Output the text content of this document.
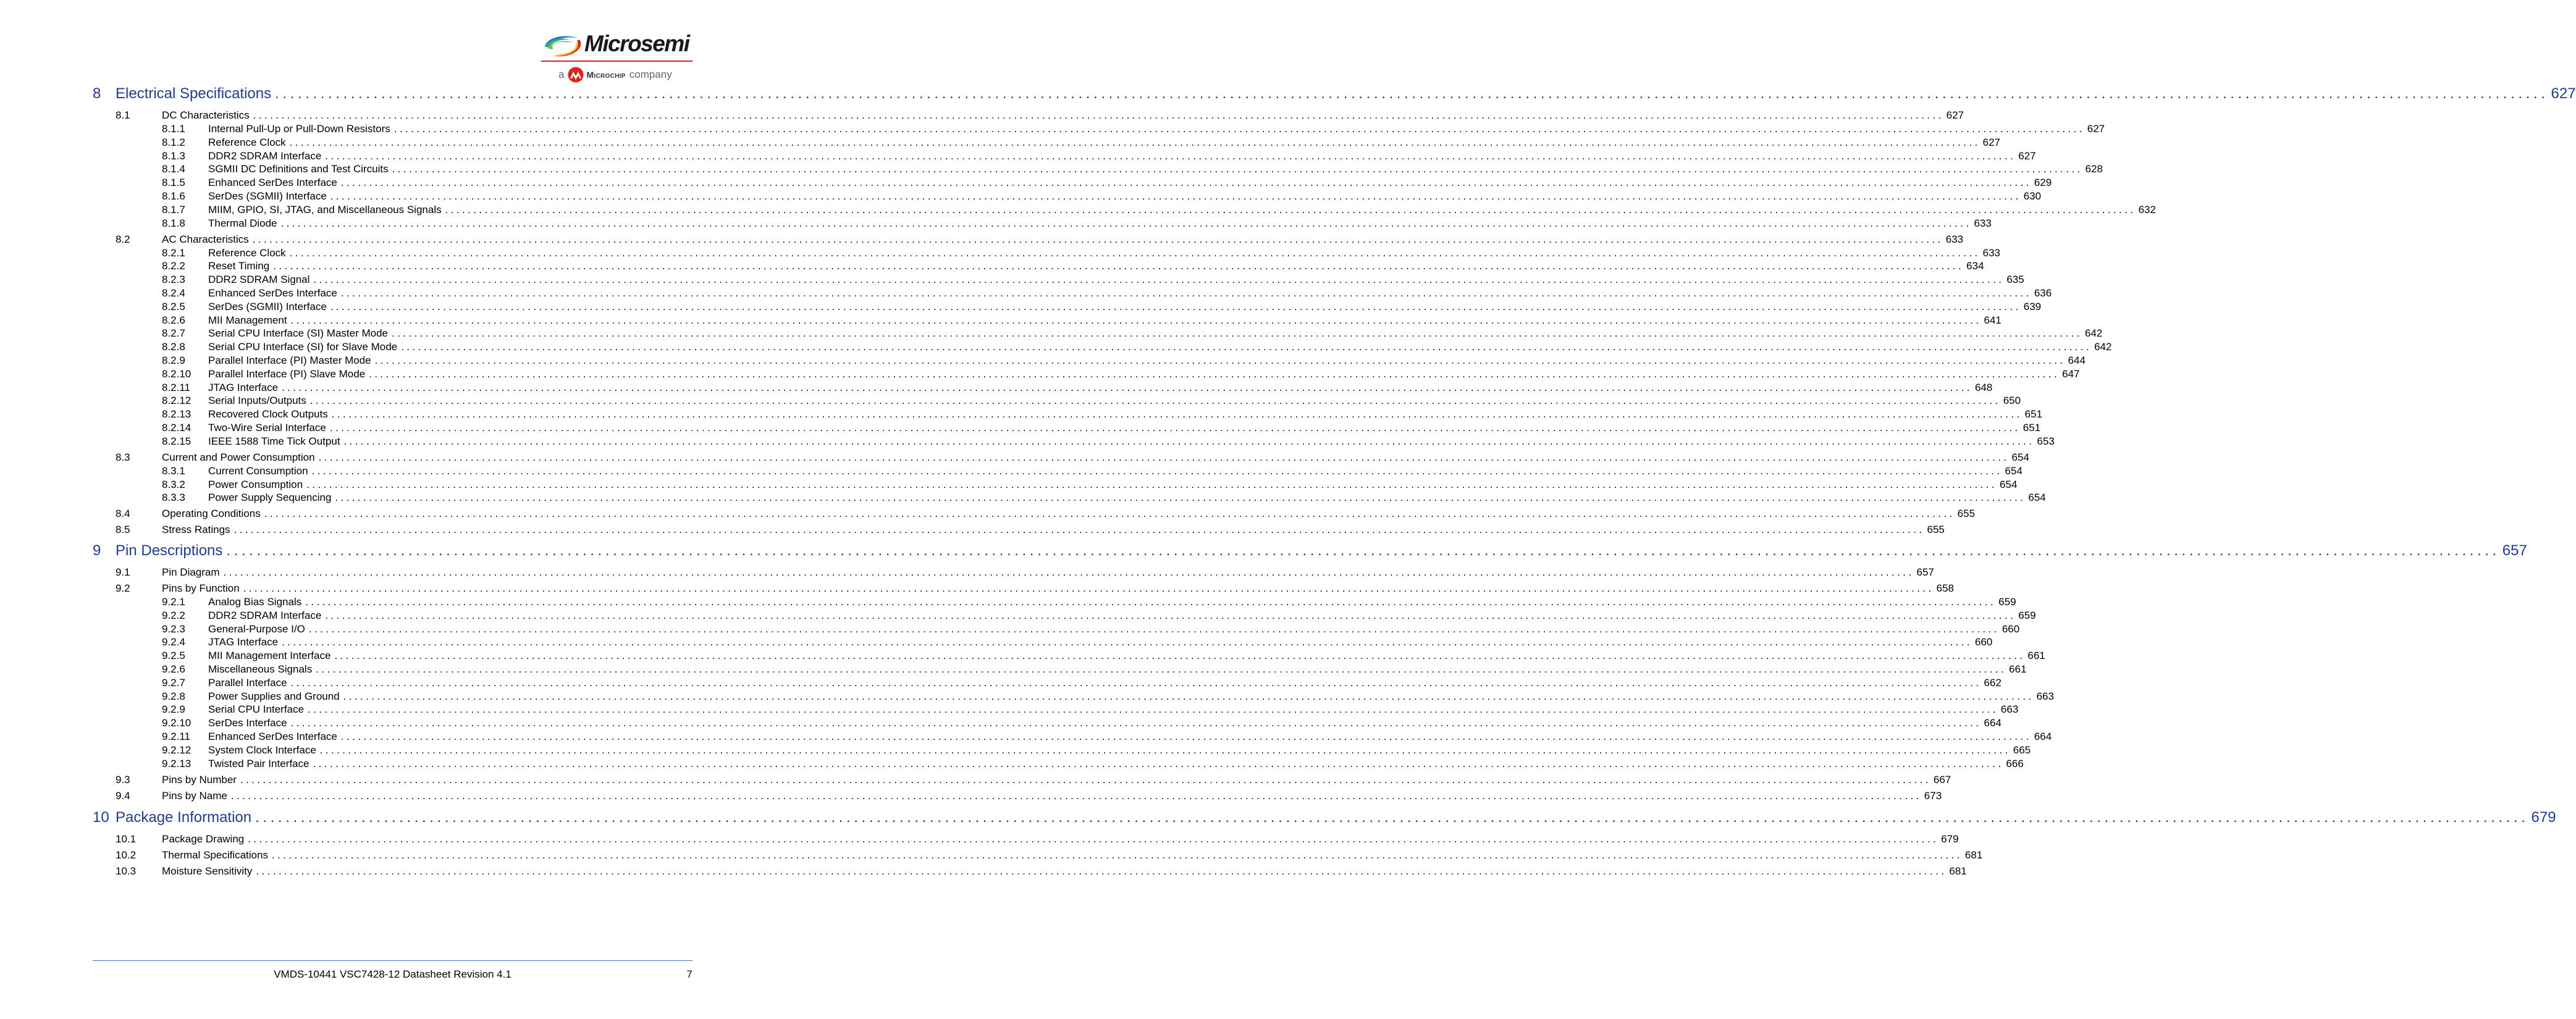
Microsemi
a	Microchip company
8 Electrical Specifications ............................................................................................................................................................................................................................................................................................................ 627
8.1	DC Characteristics ............................................................................................................................................................................................................................................................................................................ 627
8.1.1 Internal Pull-Up or Pull-Down Resistors ............................................................................................................................................................................................................................................................................................................ 627
8.1.2 Reference Clock ............................................................................................................................................................................................................................................................................................................ 627
8.1.3 DDR2 SDRAM Interface ............................................................................................................................................................................................................................................................................................................ 627
8.1.4 SGMII DC Definitions and Test Circuits ............................................................................................................................................................................................................................................................................................................ 628
8.1.5 Enhanced SerDes Interface ............................................................................................................................................................................................................................................................................................................ 629
8.1.6 SerDes (SGMII) Interface ............................................................................................................................................................................................................................................................................................................ 630
8.1.7 MIIM, GPIO, SI, JTAG, and Miscellaneous Signals ............................................................................................................................................................................................................................................................................................................ 632
8.1.8 Thermal Diode ............................................................................................................................................................................................................................................................................................................ 633
8.2	AC Characteristics ............................................................................................................................................................................................................................................................................................................ 633
8.2.1 Reference Clock ............................................................................................................................................................................................................................................................................................................ 633
8.2.2 Reset Timing ............................................................................................................................................................................................................................................................................................................ 634
8.2.3 DDR2 SDRAM Signal ............................................................................................................................................................................................................................................................................................................ 635
8.2.4 Enhanced SerDes Interface ............................................................................................................................................................................................................................................................................................................ 636
8.2.5 SerDes (SGMII) Interface ............................................................................................................................................................................................................................................................................................................ 639
8.2.6 MII Management ............................................................................................................................................................................................................................................................................................................ 641
8.2.7 Serial CPU Interface (SI) Master Mode ............................................................................................................................................................................................................................................................................................................ 642
8.2.8 Serial CPU Interface (SI) for Slave Mode ............................................................................................................................................................................................................................................................................................................ 642
8.2.9 Parallel Interface (PI) Master Mode ............................................................................................................................................................................................................................................................................................................ 644
8.2.10 Parallel Interface (PI) Slave Mode ............................................................................................................................................................................................................................................................................................................ 647
8.2.11 JTAG Interface ............................................................................................................................................................................................................................................................................................................ 648
8.2.12 Serial Inputs/Outputs ............................................................................................................................................................................................................................................................................................................ 650
8.2.13 Recovered Clock Outputs ............................................................................................................................................................................................................................................................................................................ 651
8.2.14 Two-Wire Serial Interface ............................................................................................................................................................................................................................................................................................................ 651
8.2.15 IEEE 1588 Time Tick Output ............................................................................................................................................................................................................................................................................................................ 653
8.3	Current and Power Consumption ............................................................................................................................................................................................................................................................................................................ 654
8.3.1 Current Consumption ............................................................................................................................................................................................................................................................................................................ 654
8.3.2 Power Consumption ............................................................................................................................................................................................................................................................................................................ 654
8.3.3 Power Supply Sequencing ............................................................................................................................................................................................................................................................................................................ 654
8.4	Operating Conditions ............................................................................................................................................................................................................................................................................................................ 655
8.5	Stress Ratings ............................................................................................................................................................................................................................................................................................................ 655
9 Pin Descriptions ............................................................................................................................................................................................................................................................................................................ 657
9.1	Pin Diagram ............................................................................................................................................................................................................................................................................................................ 657
9.2	Pins by Function ............................................................................................................................................................................................................................................................................................................ 658
9.2.1 Analog Bias Signals ............................................................................................................................................................................................................................................................................................................ 659
9.2.2 DDR2 SDRAM Interface ............................................................................................................................................................................................................................................................................................................ 659
9.2.3 General-Purpose I/O ............................................................................................................................................................................................................................................................................................................ 660
9.2.4 JTAG Interface ............................................................................................................................................................................................................................................................................................................ 660
9.2.5 MII Management Interface ............................................................................................................................................................................................................................................................................................................ 661
9.2.6 Miscellaneous Signals ............................................................................................................................................................................................................................................................................................................ 661
9.2.7 Parallel Interface ............................................................................................................................................................................................................................................................................................................ 662
9.2.8 Power Supplies and Ground ............................................................................................................................................................................................................................................................................................................ 663
9.2.9 Serial CPU Interface ............................................................................................................................................................................................................................................................................................................ 663
9.2.10 SerDes Interface ............................................................................................................................................................................................................................................................................................................ 664
9.2.11 Enhanced SerDes Interface ............................................................................................................................................................................................................................................................................................................ 664
9.2.12 System Clock Interface ............................................................................................................................................................................................................................................................................................................ 665
9.2.13 Twisted Pair Interface ............................................................................................................................................................................................................................................................................................................ 666
9.3	Pins by Number ............................................................................................................................................................................................................................................................................................................ 667
9.4	Pins by Name ............................................................................................................................................................................................................................................................................................................ 673
10 Package Information ............................................................................................................................................................................................................................................................................................................ 679
10.1 Package Drawing ............................................................................................................................................................................................................................................................................................................ 679
10.2 Thermal Specifications ............................................................................................................................................................................................................................................................................................................ 681
10.3 Moisture Sensitivity ............................................................................................................................................................................................................................................................................................................ 681
VMDS-10441 VSC7428-12 Datasheet Revision 4.1	7
